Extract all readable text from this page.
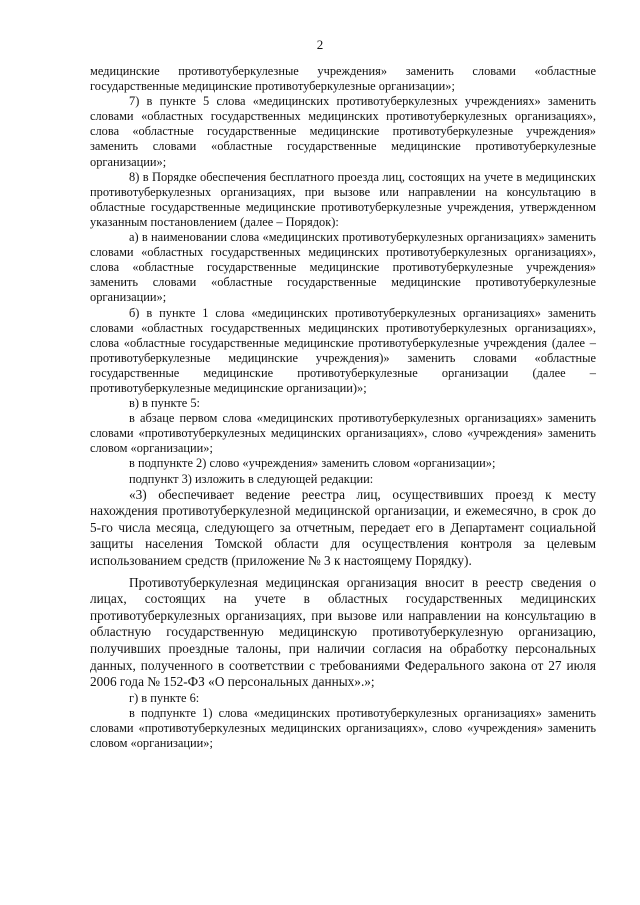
2

медицинские противотуберкулезные учреждения» заменить словами «областные государственные медицинские противотуберкулезные организации»;

7) в пункте 5 слова «медицинских противотуберкулезных учреждениях» заменить словами «областных государственных медицинских противотуберкулезных организациях», слова «областные государственные медицинские противотуберкулезные учреждения» заменить словами «областные государственные медицинские противотуберкулезные организации»;

8) в Порядке обеспечения бесплатного проезда лиц, состоящих на учете в медицинских противотуберкулезных организациях, при вызове или направлении на консультацию в областные государственные медицинские противотуберкулезные учреждения, утвержденном указанным постановлением (далее – Порядок):

а) в наименовании слова «медицинских противотуберкулезных организациях» заменить словами «областных государственных медицинских противотуберкулезных организациях», слова «областные государственные медицинские противотуберкулезные учреждения» заменить словами «областные государственные медицинские противотуберкулезные организации»;

б) в пункте 1 слова «медицинских противотуберкулезных организациях» заменить словами «областных государственных медицинских противотуберкулезных организациях», слова «областные государственные медицинские противотуберкулезные учреждения (далее – противотуберкулезные медицинские учреждения)» заменить словами «областные государственные медицинские противотуберкулезные организации (далее – противотуберкулезные медицинские организации)»;

в) в пункте 5:

в абзаце первом слова «медицинских противотуберкулезных организациях» заменить словами «противотуберкулезных медицинских организациях», слово «учреждения» заменить словом «организации»;

в подпункте 2) слово «учреждения» заменить словом «организации»;

подпункт 3) изложить в следующей редакции:

«3) обеспечивает ведение реестра лиц, осуществивших проезд к месту нахождения противотуберкулезной медицинской организации, и ежемесячно, в срок до 5-го числа месяца, следующего за отчетным, передает его в Департамент социальной защиты населения Томской области для осуществления контроля за целевым использованием средств (приложение № 3 к настоящему Порядку).

Противотуберкулезная медицинская организация вносит в реестр сведения о лицах, состоящих на учете в областных государственных медицинских противотуберкулезных организациях, при вызове или направлении на консультацию в областную государственную медицинскую противотуберкулезную организацию, получивших проездные талоны, при наличии согласия на обработку персональных данных, полученного в соответствии с требованиями Федерального закона от 27 июля 2006 года № 152-ФЗ «О персональных данных».»;

г) в пункте 6:

в подпункте 1) слова «медицинских противотуберкулезных организациях» заменить словами «противотуберкулезных медицинских организациях», слово «учреждения» заменить словом «организации»;
